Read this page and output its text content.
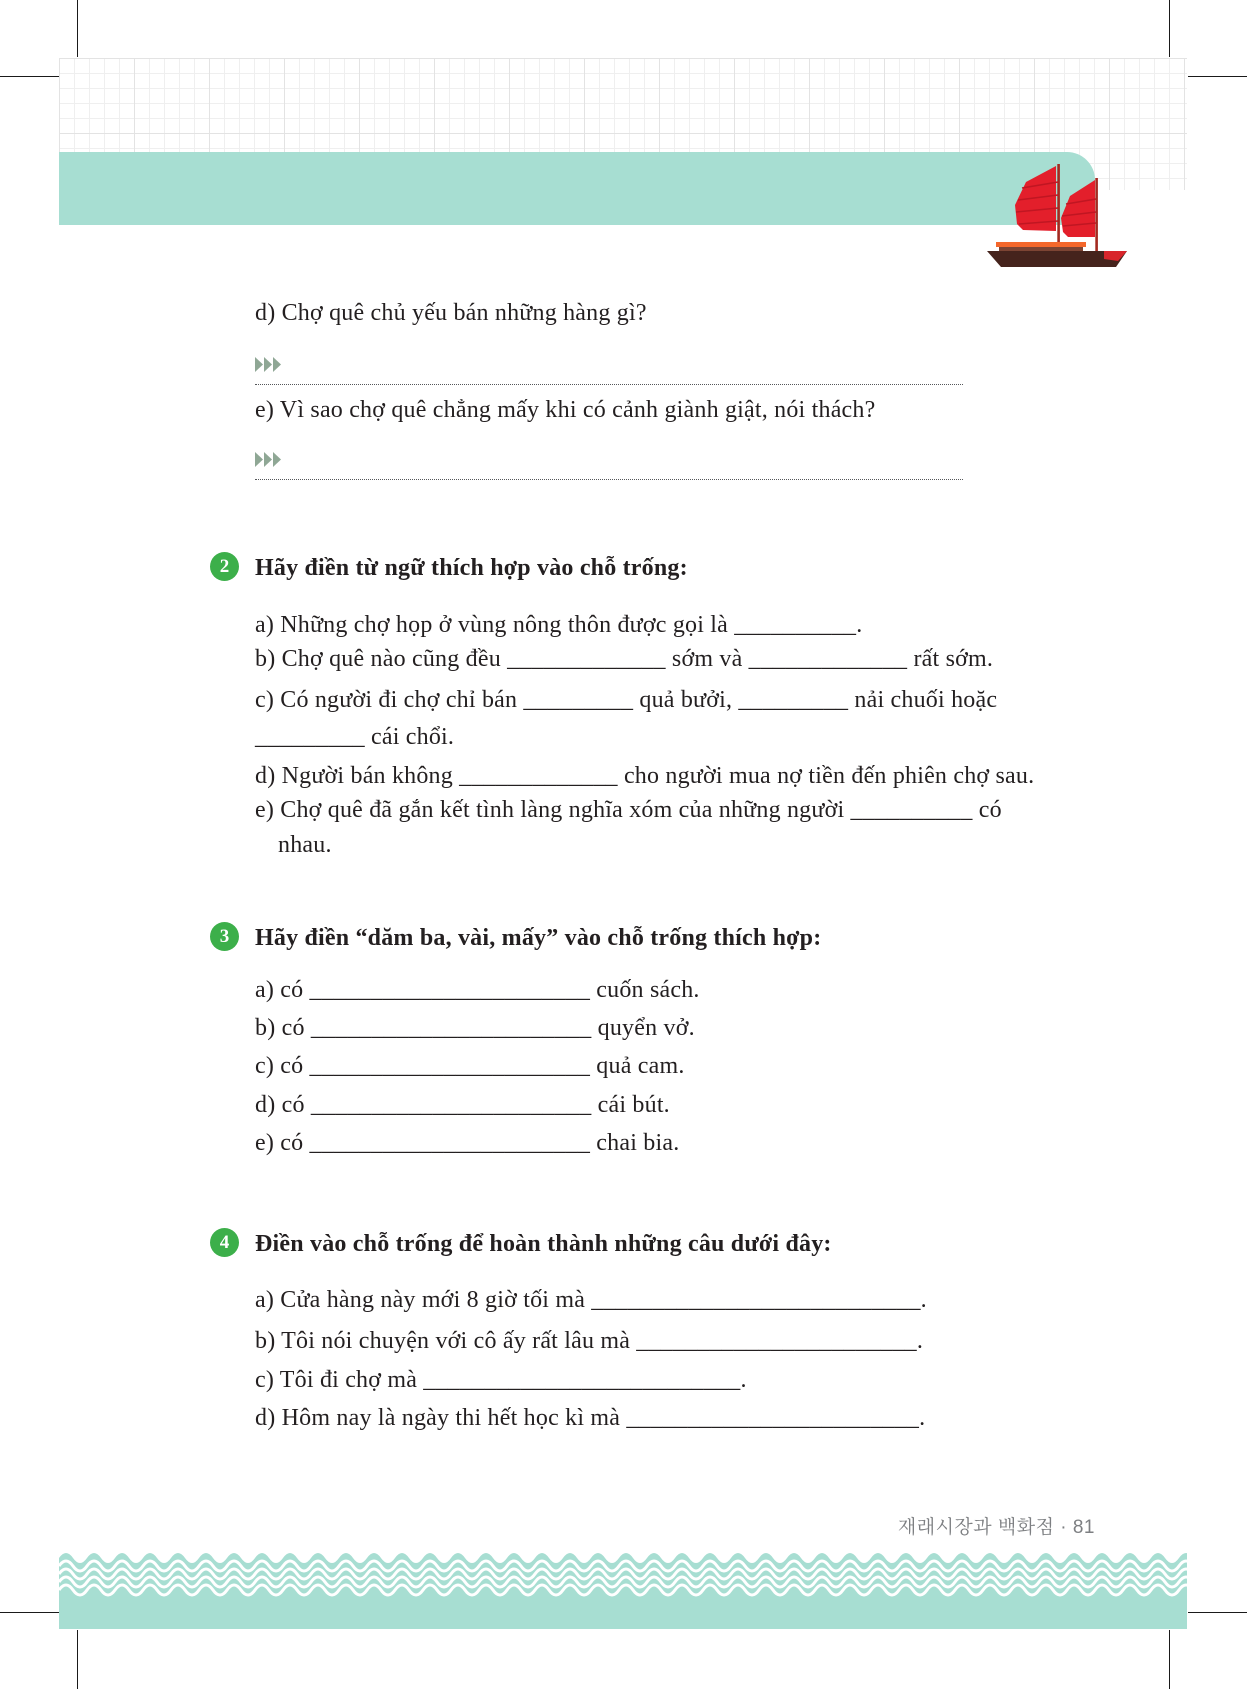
d) Chợ quê chủ yếu bán những hàng gì?
e) Vì sao chợ quê chẳng mấy khi có cảnh giành giật, nói thách?
2	Hãy điền từ ngữ thích hợp vào chỗ trống:
a) Những chợ họp ở vùng nông thôn được gọi là __________.
b) Chợ quê nào cũng đều _____________ sớm và _____________ rất sớm.
c) Có người đi chợ chỉ bán _________ quả bưởi, _________ nải chuối hoặc
_________ cái chổi.
d) Người bán không _____________ cho người mua nợ tiền đến phiên chợ sau.
e) Chợ quê đã gắn kết tình làng nghĩa xóm của những người __________ có
nhau.
3	Hãy điền “dăm ba, vài, mấy” vào chỗ trống thích hợp:
a) có _______________________ cuốn sách.
b) có _______________________ quyển vở.
c) có _______________________ quả cam.
d) có _______________________ cái bút.
e) có _______________________ chai bia.
4	Điền vào chỗ trống để hoàn thành những câu dưới đây:
a) Cửa hàng này mới 8 giờ tối mà ___________________________.
b) Tôi nói chuyện với cô ấy rất lâu mà _______________________.
c) Tôi đi chợ mà __________________________.
d) Hôm nay là ngày thi hết học kì mà ________________________.
재래시장과 백화점 · 81
